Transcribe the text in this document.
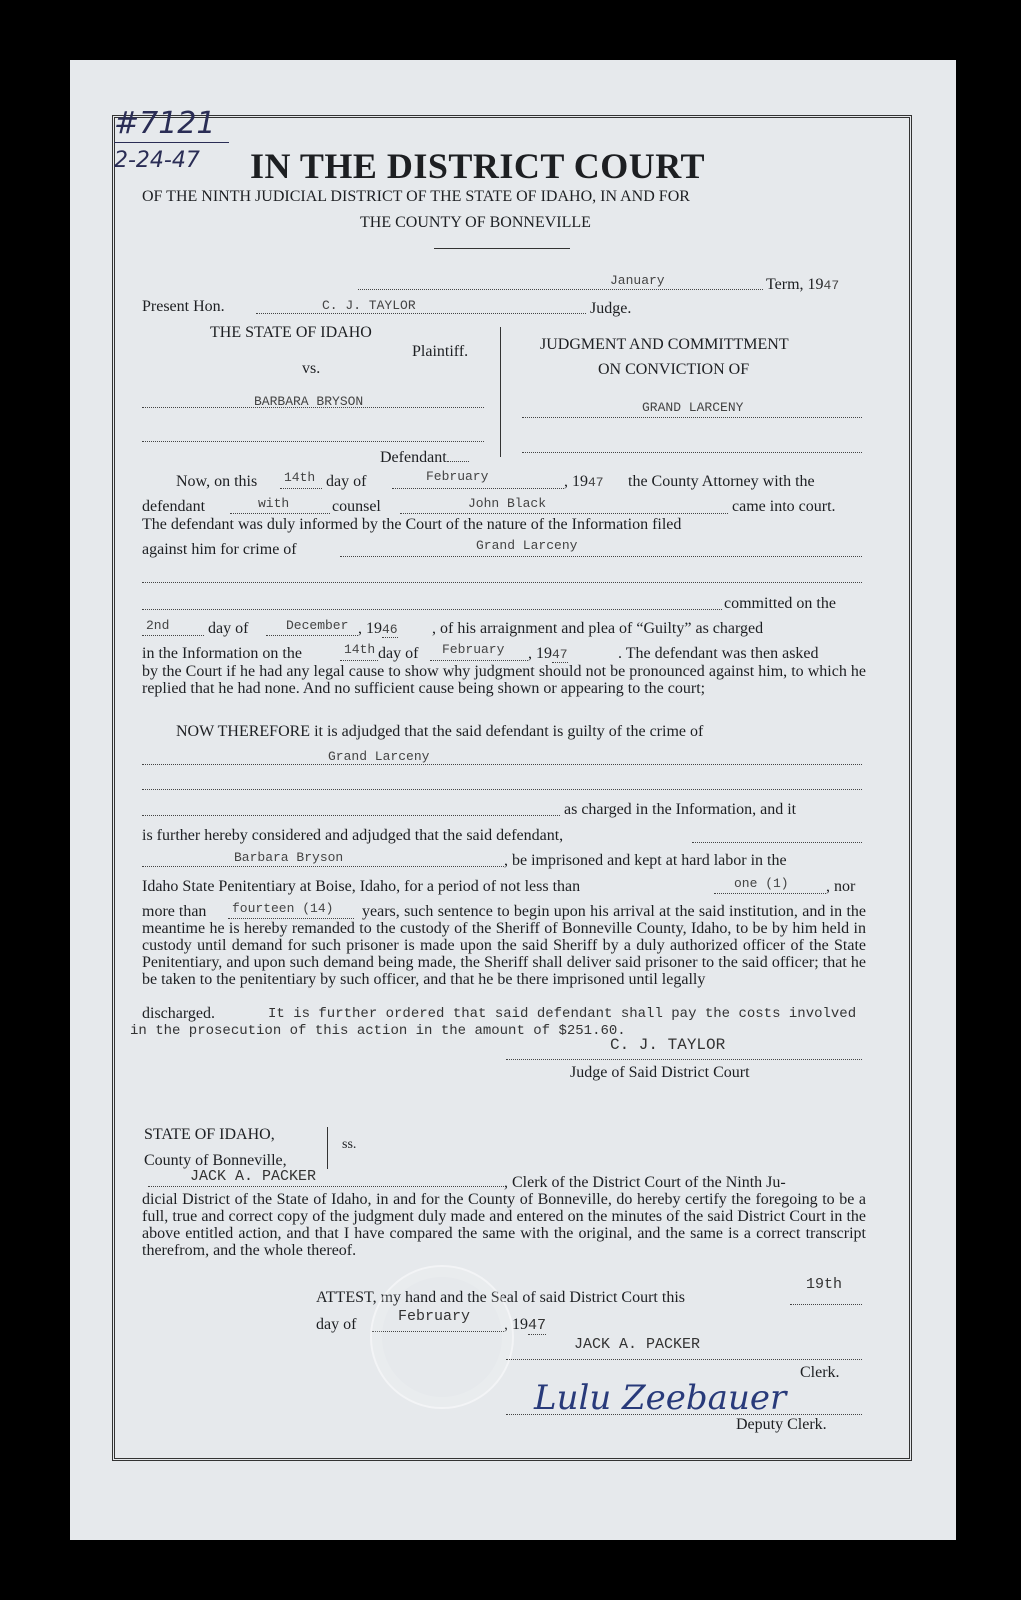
#7121
2-24-47 IN THE DISTRICT COURT
OF THE NINTH JUDICIAL DISTRICT OF THE STATE OF IDAHO, IN AND FOR
THE COUNTY OF BONNEVILLE
January	Term, 1947
Present Hon.	C. J. TAYLOR	Judge.
THE STATE OF IDAHO
Plaintiff.
vs.
BARBARA BRYSON
Defendant
JUDGMENT AND COMMITTMENT
ON CONVICTION OF
GRAND LARCENY
Now, on this 14th day of	February	, 1947 the County Attorney with the
defendant	with	counsel	John Black	came into court.
The defendant was duly informed by the Court of the nature of the Information filed
against him for crime of	Grand Larceny
committed on the
2nd day of	December , 1946 , of his arraignment and plea of “Guilty” as charged
in the Information on the	14th day of February , 1947	. The defendant was then asked
by the Court if he had any legal cause to show why judgment should not be pronounced against him, to which he replied that he had none. And no sufficient cause being shown or appearing to the court;
NOW THEREFORE it is adjudged that the said defendant is guilty of the crime of
Grand Larceny
as charged in the Information, and it
is further hereby considered and adjudged that the said defendant,
Barbara Bryson	, be imprisoned and kept at hard labor in the
Idaho State Penitentiary at Boise, Idaho, for a period of not less than	one (1) , nor
more than fourteen (14)	years, such sentence to begin upon his arrival at the said institution, and in the meantime he is hereby remanded to the custody of the Sheriff of Bonneville County, Idaho, to be by him held in custody until demand for such prisoner is made upon the said Sheriff by a duly authorized officer of the State Penitentiary, and upon such demand being made, the Sheriff shall deliver said prisoner to the said officer; that he be taken to the penitentiary by such officer, and that he be there imprisoned until legally
discharged.	It is further ordered that said defendant shall pay the costs involved
in the prosecution of this action in the amount of $251.60.
C. J. TAYLOR
Judge of Said District Court
STATE OF IDAHO,
County of Bonneville,
ss.
JACK A. PACKER	, Clerk of the District Court of the Ninth Ju-
dicial District of the State of Idaho, in and for the County of Bonneville, do hereby certify the foregoing to be a full, true and correct copy of the judgment duly made and entered on the minutes of the said District Court in the above entitled action, and that I have compared the same with the original, and the same is a correct transcript therefrom, and the whole thereof.
ATTEST, my hand and the Seal of said District Court this
19th
day of	February , 1947
JACK A. PACKER
Clerk.
Lulu Zeebauer
Deputy Clerk.
